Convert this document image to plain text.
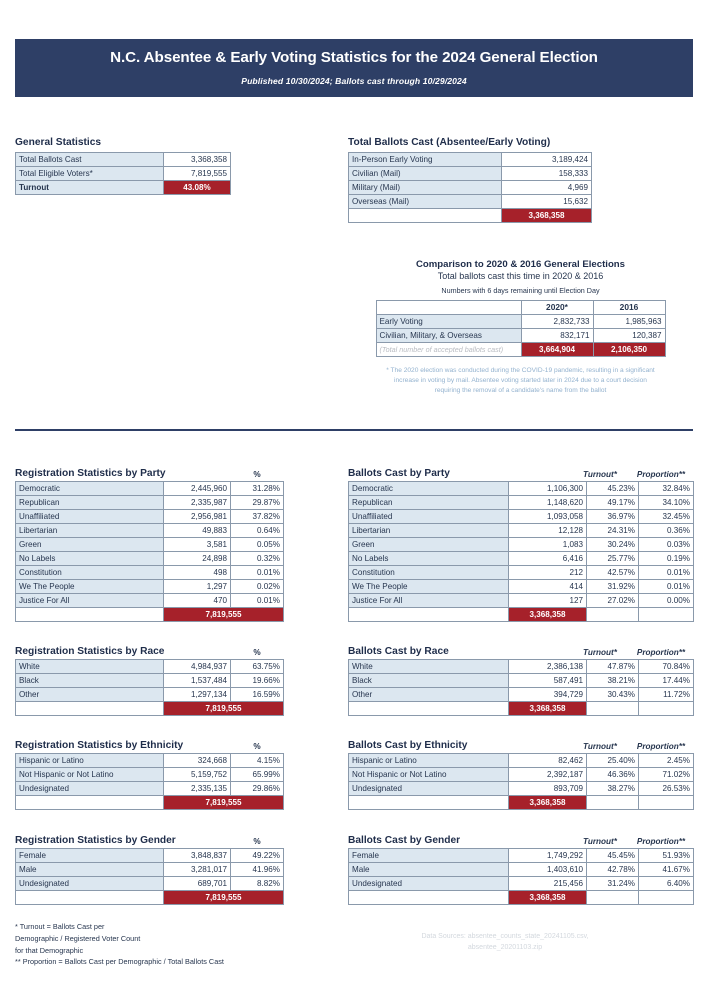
N.C. Absentee & Early Voting Statistics for the 2024 General Election
Published 10/30/2024; Ballots cast through 10/29/2024
General Statistics
Total Ballots Cast	3,368,358
Total Eligible Voters*	7,819,555
Turnout	43.08%
Total Ballots Cast (Absentee/Early Voting)
In-Person Early Voting	3,189,424
Civilian (Mail)	158,333
Military (Mail)	4,969
Overseas (Mail)	15,632
	3,368,358
Comparison to 2020 & 2016 General Elections
Total ballots cast this time in 2020 & 2016
Numbers with 6 days remaining until Election Day
	2020*	2016
Early Voting	2,832,733	1,985,963
Civilian, Military, & Overseas	832,171	120,387
(Total number of accepted ballots cast)	3,664,904	2,106,350
* The 2020 election was conducted during the COVID-19 pandemic, resulting in a significant increase in voting by mail. Absentee voting started later in 2024 due to a court decision requiring the removal of a candidate's name from the ballot
Registration Statistics by Party	%
Democratic	2,445,960	31.28%
Republican	2,335,987	29.87%
Unaffiliated	2,956,981	37.82%
Libertarian	49,883	0.64%
Green	3,581	0.05%
No Labels	24,898	0.32%
Constitution	498	0.01%
We The People	1,297	0.02%
Justice For All	470	0.01%
	7,819,555	
Ballots Cast by Party	Turnout*	Proportion**
Democratic	1,106,300	45.23%	32.84%
Republican	1,148,620	49.17%	34.10%
Unaffiliated	1,093,058	36.97%	32.45%
Libertarian	12,128	24.31%	0.36%
Green	1,083	30.24%	0.03%
No Labels	6,416	25.77%	0.19%
Constitution	212	42.57%	0.01%
We The People	414	31.92%	0.01%
Justice For All	127	27.02%	0.00%
	3,368,358		
Registration Statistics by Race	%
White	4,984,937	63.75%
Black	1,537,484	19.66%
Other	1,297,134	16.59%
	7,819,555	
Ballots Cast by Race	Turnout*	Proportion**
White	2,386,138	47.87%	70.84%
Black	587,491	38.21%	17.44%
Other	394,729	30.43%	11.72%
	3,368,358		
Registration Statistics by Ethnicity	%
Hispanic or Latino	324,668	4.15%
Not Hispanic or Not Latino	5,159,752	65.99%
Undesignated	2,335,135	29.86%
	7,819,555	
Ballots Cast by Ethnicity	Turnout*	Proportion**
Hispanic or Latino	82,462	25.40%	2.45%
Not Hispanic or Not Latino	2,392,187	46.36%	71.02%
Undesignated	893,709	38.27%	26.53%
	3,368,358		
Registration Statistics by Gender	%
Female	3,848,837	49.22%
Male	3,281,017	41.96%
Undesignated	689,701	8.82%
	7,819,555	
Ballots Cast by Gender	Turnout*	Proportion**
Female	1,749,292	45.45%	51.93%
Male	1,403,610	42.78%	41.67%
Undesignated	215,456	31.24%	6.40%
	3,368,358		
* Turnout = Ballots Cast per
Demographic / Registered Voter Count
for that Demographic
** Proportion = Ballots Cast per Demographic / Total Ballots Cast
Data Sources: absentee_counts_state_20241105.csv,
absentee_20201103.zip
